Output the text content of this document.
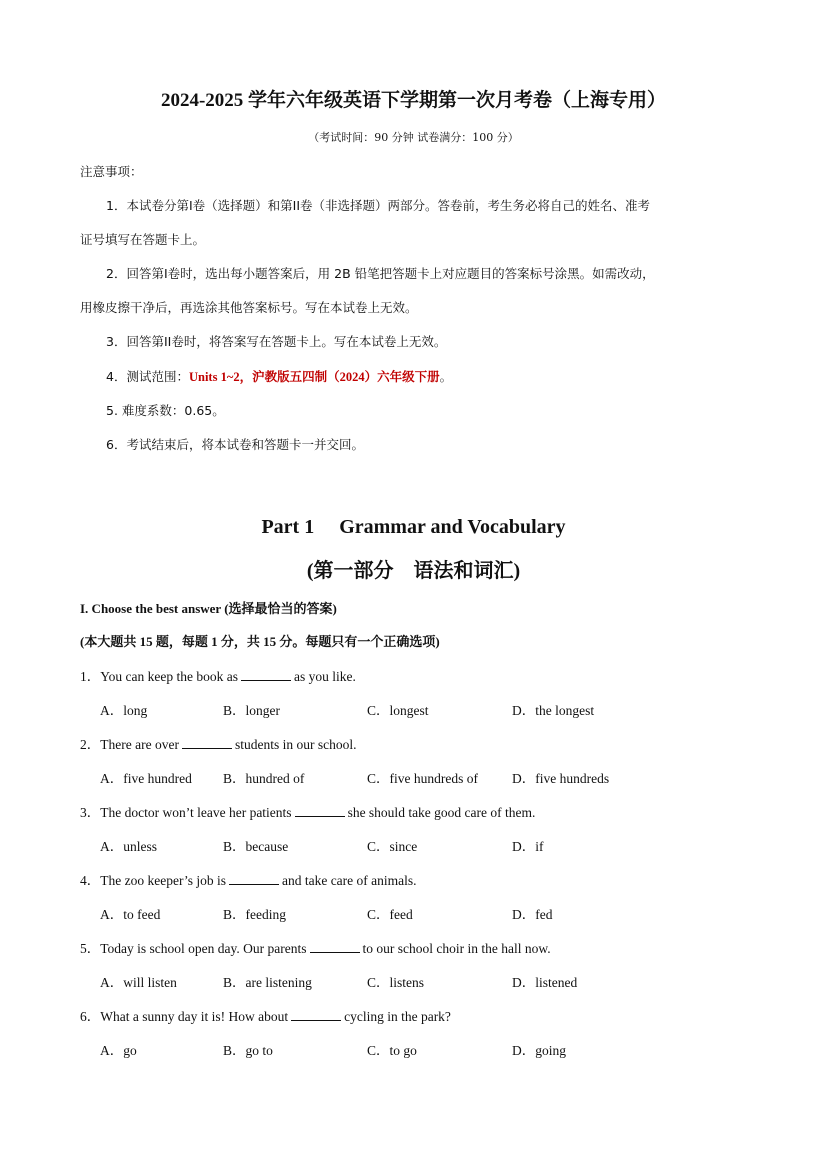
2024-2025 学年六年级英语下学期第一次月考卷（上海专用）
（考试时间：90 分钟 试卷满分：100 分）
注意事项：
1．本试卷分第I卷（选择题）和第II卷（非选择题）两部分。答卷前，考生务必将自己的姓名、准考
证号填写在答题卡上。
2．回答第I卷时，选出每小题答案后，用 2B 铅笔把答题卡上对应题目的答案标号涂黑。如需改动，
用橡皮擦干净后，再选涂其他答案标号。写在本试卷上无效。
3．回答第II卷时，将答案写在答题卡上。写在本试卷上无效。
4．测试范围：Units 1~2，沪教版五四制（2024）六年级下册。
5. 难度系数：0.65。
6．考试结束后，将本试卷和答题卡一并交回。
Part 1     Grammar and Vocabulary
(第一部分    语法和词汇)
I. Choose the best answer (选择最恰当的答案)
(本大题共 15 题，每题 1 分，共 15 分。每题只有一个正确选项)
1．You can keep the book as	as you like.
A．long	B．longer	C．longest	D．the longest
2．There are over	students in our school.
A．five hundred B．hundred of	C．five hundreds of	D．five hundreds
3．The doctor won’t leave her patients	she should take good care of them.
A．unless	B．because	C．since	D．if
4．The zoo keeper’s job is	and take care of animals.
A．to feed	B．feeding	C．feed	D．fed
5．Today is school open day. Our parents	to our school choir in the hall now.
A．will listen	B．are listening	C．listens	D．listened
6．What a sunny day it is! How about	cycling in the park?
A．go	B．go to	C．to go	D．going
